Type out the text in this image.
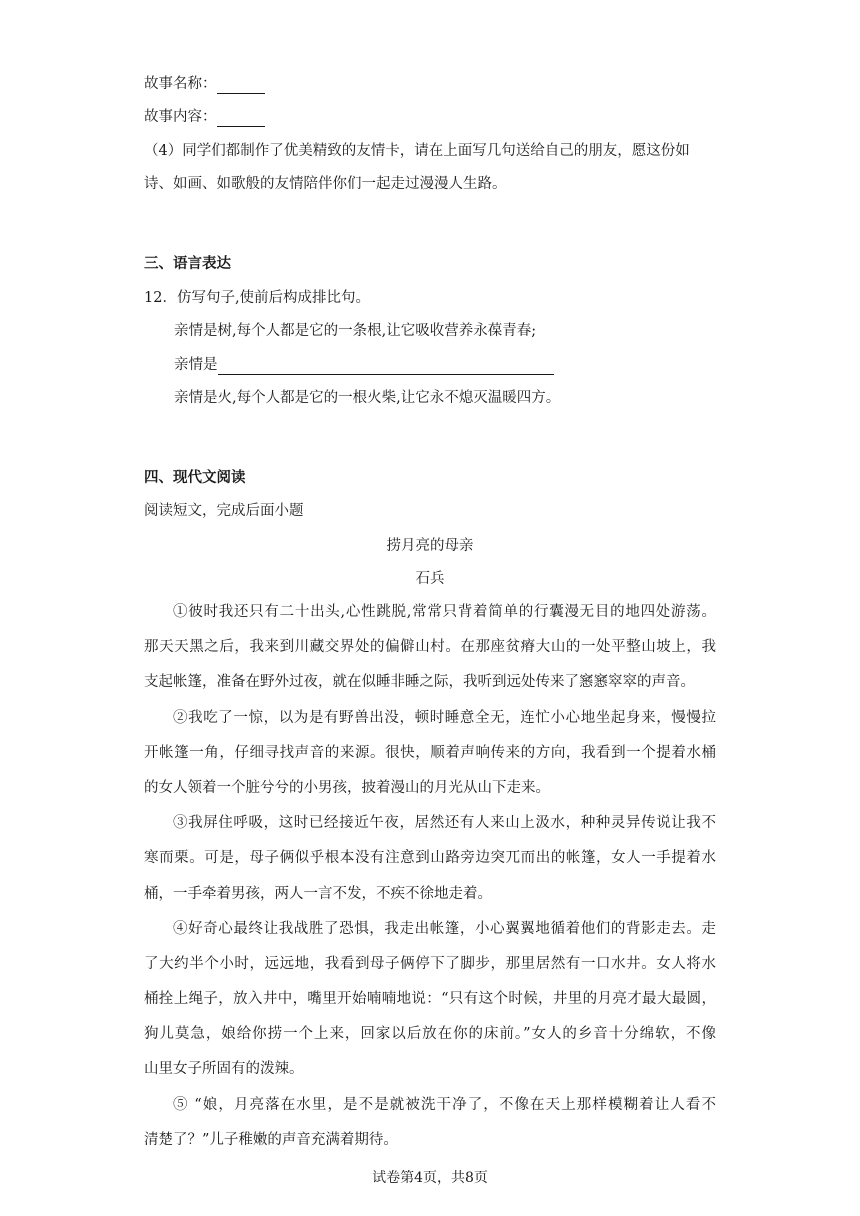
故事名称：
故事内容：
（4）同学们都制作了优美精致的友情卡，请在上面写几句送给自己的朋友，愿这份如
诗、如画、如歌般的友情陪伴你们一起走过漫漫人生路。
三、语言表达
12．仿写句子,使前后构成排比句。
亲情是树,每个人都是它的一条根,让它吸收营养永葆青春;
亲情是
亲情是火,每个人都是它的一根火柴,让它永不熄灭温暖四方。
四、现代文阅读
阅读短文，完成后面小题
捞月亮的母亲
石兵
①彼时我还只有二十出头,心性跳脱,常常只背着简单的行囊漫无目的地四处游荡。
那天天黑之后，我来到川藏交界处的偏僻山村。在那座贫瘠大山的一处平整山坡上，我
支起帐篷，准备在野外过夜，就在似睡非睡之际，我听到远处传来了窸窸窣窣的声音。
②我吃了一惊，以为是有野兽出没，顿时睡意全无，连忙小心地坐起身来，慢慢拉
开帐篷一角，仔细寻找声音的来源。很快，顺着声响传来的方向，我看到一个提着水桶
的女人领着一个脏兮兮的小男孩，披着漫山的月光从山下走来。
③我屏住呼吸，这时已经接近午夜，居然还有人来山上汲水，种种灵异传说让我不
寒而栗。可是，母子俩似乎根本没有注意到山路旁边突兀而出的帐篷，女人一手提着水
桶，一手牵着男孩，两人一言不发，不疾不徐地走着。
④好奇心最终让我战胜了恐惧，我走出帐篷，小心翼翼地循着他们的背影走去。走
了大约半个小时，远远地，我看到母子俩停下了脚步，那里居然有一口水井。女人将水
桶拴上绳子，放入井中，嘴里开始喃喃地说：“只有这个时候，井里的月亮才最大最圆，
狗儿莫急，娘给你捞一个上来，回家以后放在你的床前。”女人的乡音十分绵软，不像
山里女子所固有的泼辣。
⑤ “娘，月亮落在水里，是不是就被洗干净了，不像在天上那样模糊着让人看不
清楚了？”儿子稚嫩的声音充满着期待。
试卷第4页，共8页
